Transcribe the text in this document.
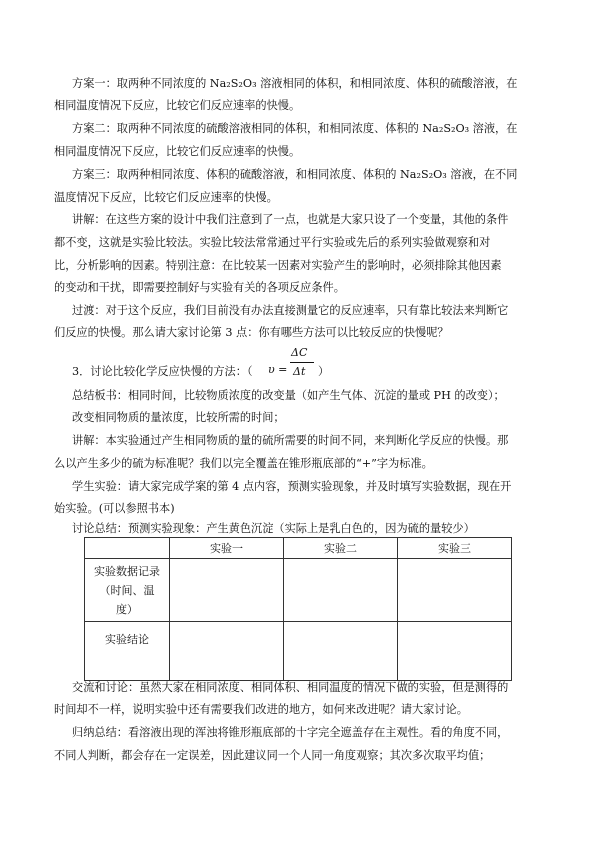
方案一：取两种不同浓度的 Na₂S₂O₃ 溶液相同的体积，和相同浓度、体积的硫酸溶液，在
相同温度情况下反应，比较它们反应速率的快慢。
方案二：取两种不同浓度的硫酸溶液相同的体积，和相同浓度、体积的 Na₂S₂O₃ 溶液，在
相同温度情况下反应，比较它们反应速率的快慢。
方案三：取两种相同浓度、体积的硫酸溶液，和相同浓度、体积的 Na₂S₂O₃ 溶液，在不同
温度情况下反应，比较它们反应速率的快慢。
讲解：在这些方案的设计中我们注意到了一点，也就是大家只设了一个变量，其他的条件
都不变，这就是实验比较法。实验比较法常常通过平行实验或先后的系列实验做观察和对
比，分析影响的因素。特别注意：在比较某一因素对实验产生的影响时，必须排除其他因素
的变动和干扰，即需要控制好与实验有关的各项反应条件。
过渡：对于这个反应，我们目前没有办法直接测量它的反应速率，只有靠比较法来判断它
们反应的快慢。那么请大家讨论第 3 点：你有哪些方法可以比较反应的快慢呢？
3．讨论比较化学反应快慢的方法：（ υ =
ΔC
Δt ）
总结板书：相同时间，比较物质浓度的改变量（如产生气体、沉淀的量或 PH 的改变）；
改变相同物质的量浓度，比较所需的时间；
讲解：本实验通过产生相同物质的量的硫所需要的时间不同，来判断化学反应的快慢。那
么以产生多少的硫为标准呢？我们以完全覆盖在锥形瓶底部的“+”字为标准。
学生实验：请大家完成学案的第 4 点内容，预测实验现象，并及时填写实验数据，现在开
始实验。(可以参照书本)
讨论总结：预测实验现象：产生黄色沉淀（实际上是乳白色的，因为硫的量较少）
	实验一	实验二	实验三

实验数据记录
（时间、温
度）			

实验结论			
交流和讨论：虽然大家在相同浓度、相同体积、相同温度的情况下做的实验，但是测得的
时间却不一样，说明实验中还有需要我们改进的地方，如何来改进呢？请大家讨论。
归纳总结：看溶液出现的浑浊将锥形瓶底部的十字完全遮盖存在主观性。看的角度不同，
不同人判断，都会存在一定误差，因此建议同一个人同一角度观察；其次多次取平均值；
